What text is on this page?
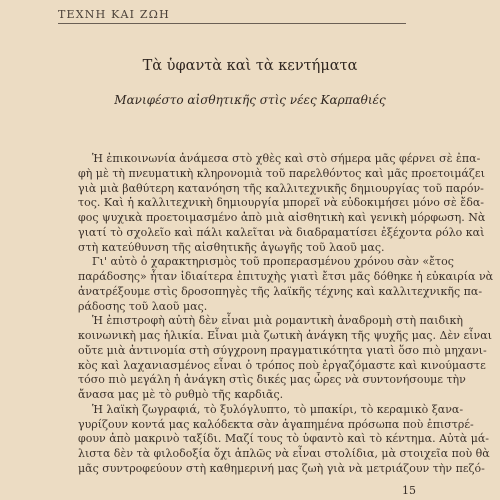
ΤΕΧΝΗ ΚΑΙ ΖΩΗ
Τὰ ὑφαντὰ καὶ τὰ κεντήματα
Μανιφέστο αἰσθητικῆς στὶς νέες Καρπαθιές
Ἡ ἐπικοινωνία ἀνάμεσα στὸ χθὲς καὶ στὸ σήμερα μᾶς φέρνει σὲ ἐπα-
φὴ μὲ τὴ πνευματικὴ κληρονομιὰ τοῦ παρελθόντος καὶ μᾶς προετοιμάζει
γιὰ μιὰ βαθύτερη κατανόηση τῆς καλλιτεχνικῆς δημιουργίας τοῦ παρόν-
τος. Καὶ ἡ καλλιτεχνικὴ δημιουργία μπορεῖ νὰ εὐδοκιμήσει μόνο σὲ ἔδα-
φος ψυχικὰ προετοιμασμένο ἀπὸ μιὰ αἰσθητικὴ καὶ γενικὴ μόρφωση. Νὰ
γιατί τὸ σχολεῖο καὶ πάλι καλεῖται νὰ διαδραματίσει ἐξέχοντα ρόλο καὶ
στὴ κατεύθυνση τῆς αἰσθητικῆς ἀγωγῆς τοῦ λαοῦ μας.
Γι' αὐτὸ ὁ χαρακτηρισμὸς τοῦ προπερασμένου χρόνου σὰν «ἔτος
παράδοσης» ἦταν ἰδιαίτερα ἐπιτυχὴς γιατὶ ἔτσι μᾶς δόθηκε ἡ εὐκαιρία νὰ
ἀνατρέξουμε στὶς δροσοπηγὲς τῆς λαϊκῆς τέχνης καὶ καλλιτεχνικῆς πα-
ράδοσης τοῦ λαοῦ μας.
Ἡ ἐπιστροφὴ αὐτὴ δὲν εἶναι μιὰ ρομαντικὴ ἀναδρομὴ στὴ παιδικὴ
κοινωνικὴ μας ἡλικία. Εἶναι μιὰ ζωτικὴ ἀνάγκη τῆς ψυχῆς μας. Δὲν εἶναι
οὔτε μιὰ ἀντινομία στὴ σύγχρονη πραγματικότητα γιατὶ ὅσο πιὸ μηχανι-
κὸς καὶ λαχανιασμένος εἶναι ὁ τρόπος ποὺ ἐργαζόμαστε καὶ κινούμαστε
τόσο πιὸ μεγάλη ἡ ἀνάγκη στὶς δικές μας ὧρες νὰ συντονήσουμε τὴν
ἄνασα μας μὲ τὸ ρυθμὸ τῆς καρδιᾶς.
Ἡ λαϊκὴ ζωγραφιά, τὸ ξυλόγλυπτο, τὸ μπακίρι, τὸ κεραμικὸ ξανα-
γυρίζουν κοντά μας καλόδεκτα σὰν ἀγαπημένα πρόσωπα ποὺ ἐπιστρέ-
φουν ἀπὸ μακρινὸ ταξίδι. Μαζί τους τὸ ὑφαντὸ καὶ τὸ κέντημα. Αὐτὰ μά-
λιστα δὲν τὰ φιλοδοξία ὄχι ἁπλῶς νὰ εἶναι στολίδια, μὰ στοιχεῖα ποὺ θὰ
μᾶς συντροφεύουν στὴ καθημερινή μας ζωὴ γιὰ νὰ μετριάζουν τὴν πεζό-
15
